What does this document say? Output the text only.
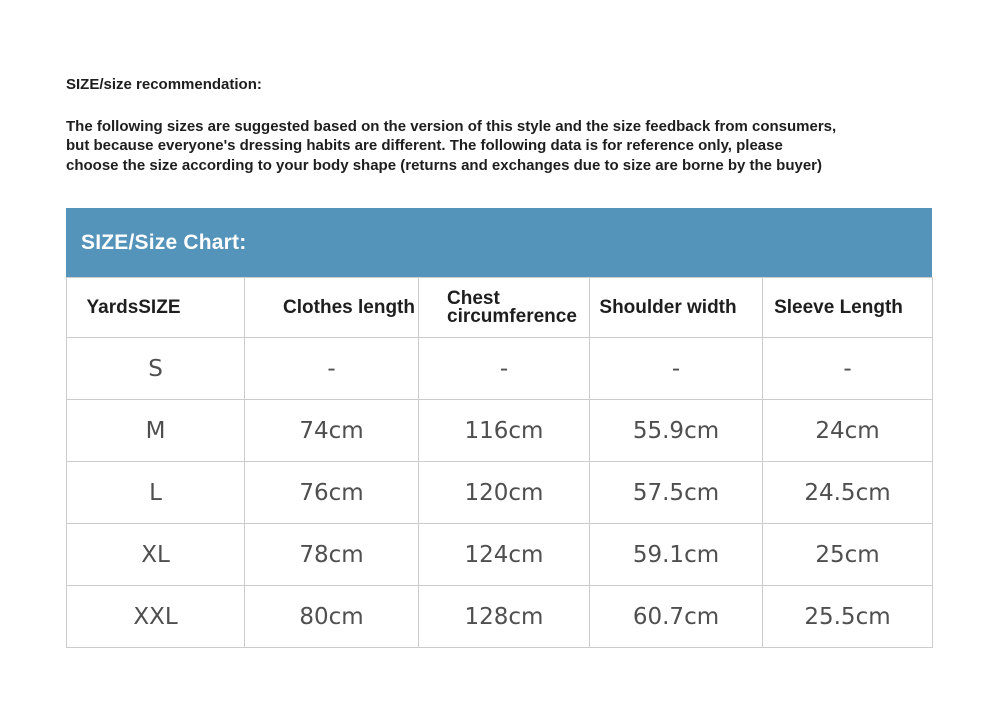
SIZE/size recommendation:
The following sizes are suggested based on the version of this style and the size feedback from consumers,
but because everyone's dressing habits are different. The following data is for reference only, please
choose the size according to your body shape (returns and exchanges due to size are borne by the buyer)
SIZE/Size Chart:
YardsSIZE	Clothes length	Chest circumference	Shoulder width	Sleeve Length
S	-	-	-	-
M	74cm	116cm	55.9cm	24cm
L	76cm	120cm	57.5cm	24.5cm
XL	78cm	124cm	59.1cm	25cm
XXL	80cm	128cm	60.7cm	25.5cm
